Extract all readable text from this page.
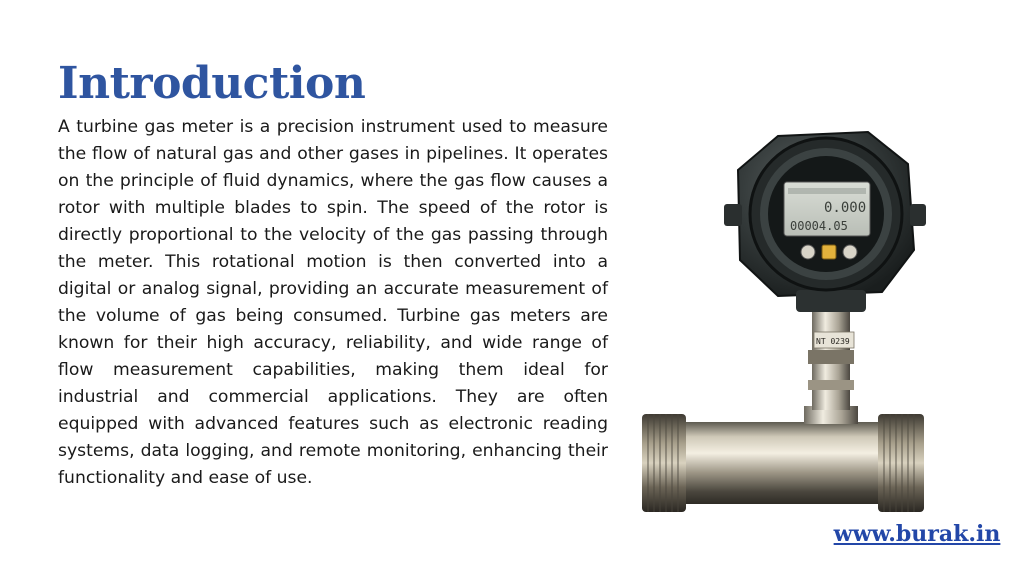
Introduction

A turbine gas meter is a precision instrument used to measure the flow of natural gas and other gases in pipelines. It operates on the principle of fluid dynamics, where the gas flow causes a rotor with multiple blades to spin. The speed of the rotor is directly proportional to the velocity of the gas passing through the meter. This rotational motion is then converted into a digital or analog signal, providing an accurate measurement of the volume of gas being consumed. Turbine gas meters are known for their high accuracy, reliability, and wide range of flow measurement capabilities, making them ideal for industrial and commercial applications. They are often equipped with advanced features such as electronic reading systems, data logging, and remote monitoring, enhancing their functionality and ease of use.

NT 0239
0.000
00004.05
www.burak.in
